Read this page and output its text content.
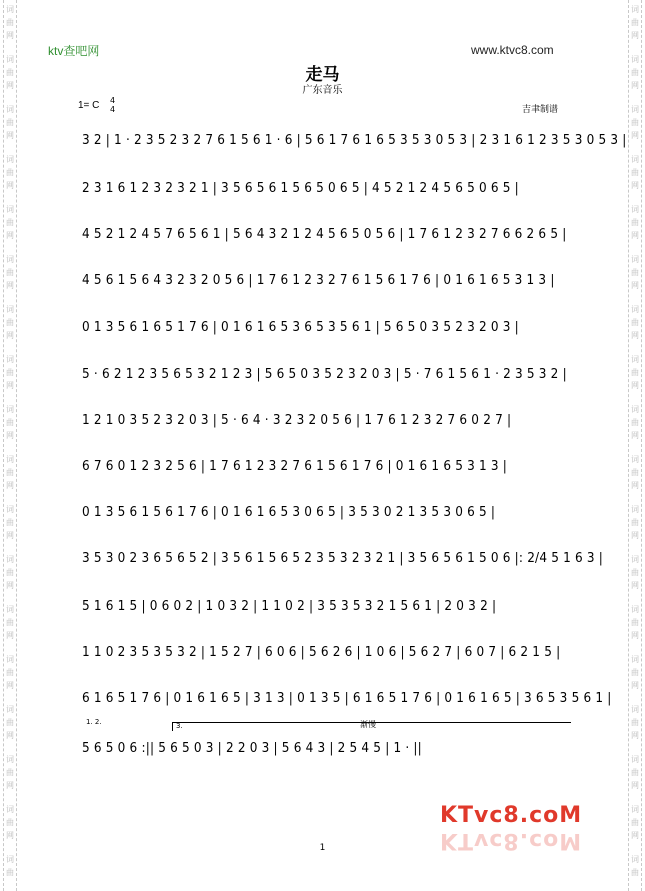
词
曲
网
词
曲
网
词
曲
网
词
曲
网
词
曲
网
词
曲
网
词
曲
网
词
曲
网
词
曲
网
词
曲
网
词
曲
网
词
曲
网
词
曲
网
词
曲
网
词
曲
网
词
曲
网
词
曲
网
词
曲
词
曲
网
词
曲
网
词
曲
网
词
曲
网
词
曲
网
词
曲
网
词
曲
网
词
曲
网
词
曲
网
词
曲
网
词
曲
网
词
曲
网
词
曲
网
词
曲
网
词
曲
网
词
曲
网
词
曲
网
词
曲
ktv查吧网	www.ktvc8.com
走马
广东音乐
1= C 4
4	吉聿制谱
3 2 | 1 · 2 3 5 2 3 2 7 6 1 5 6 1 · 6 | 5 6 1 7 6 1 6 5 3 5 3 0 5 3 | 2 3 1 6 1 2 3 5 3 0 5 3 |
2 3 1 6 1 2 3 2 3 2 1 | 3 5 6 5 6 1 5 6 5 0 6 5 | 4 5 2 1 2 4 5 6 5 0 6 5 |
4 5 2 1 2 4 5 7 6 5 6 1 | 5 6 4 3 2 1 2 4 5 6 5 0 5 6 | 1 7 6 1 2 3 2 7 6 6 2 6 5 |
4 5 6 1 5 6 4 3 2 3 2 0 5 6 | 1 7 6 1 2 3 2 7 6 1 5 6 1 7 6 | 0 1 6 1 6 5 3 1 3 |
0 1 3 5 6 1 6 5 1 7 6 | 0 1 6 1 6 5 3 6 5 3 5 6 1 | 5 6 5 0 3 5 2 3 2 0 3 |
5 · 6 2 1 2 3 5 6 5 3 2 1 2 3 | 5 6 5 0 3 5 2 3 2 0 3 | 5 · 7 6 1 5 6 1 · 2 3 5 3 2 |
1 2 1 0 3 5 2 3 2 0 3 | 5 · 6 4 · 3 2 3 2 0 5 6 | 1 7 6 1 2 3 2 7 6 0 2 7 |
6 7 6 0 1 2 3 2 5 6 | 1 7 6 1 2 3 2 7 6 1 5 6 1 7 6 | 0 1 6 1 6 5 3 1 3 |
0 1 3 5 6 1 5 6 1 7 6 | 0 1 6 1 6 5 3 0 6 5 | 3 5 3 0 2 1 3 5 3 0 6 5 |
3 5 3 0 2 3 6 5 6 5 2 | 3 5 6 1 5 6 5 2 3 5 3 2 3 2 1 | 3 5 6 5 6 1 5 0 6 |: 2/4 5 1 6 3 |
5 1 6 1 5 | 0 6 0 2 | 1 0 3 2 | 1 1 0 2 | 3 5 3 5 3 2 1 5 6 1 | 2 0 3 2 |
1 1 0 2 3 5 3 5 3 2 | 1 5 2 7 | 6 0 6 | 5 6 2 6 | 1 0 6 | 5 6 2 7 | 6 0 7 | 6 2 1 5 |
6 1 6 5 1 7 6 | 0 1 6 1 6 5 | 3 1 3 | 0 1 3 5 | 6 1 6 5 1 7 6 | 0 1 6 1 6 5 | 3 6 5 3 5 6 1 |
5 6 5 0 6 :|| 5 6 5 0 3 | 2 2 0 3 | 5 6 4 3 | 2 5 4 5 | 1 · ||
1. 2.	3.	渐慢
KTvc8.coM
KTvc8.coM
1
